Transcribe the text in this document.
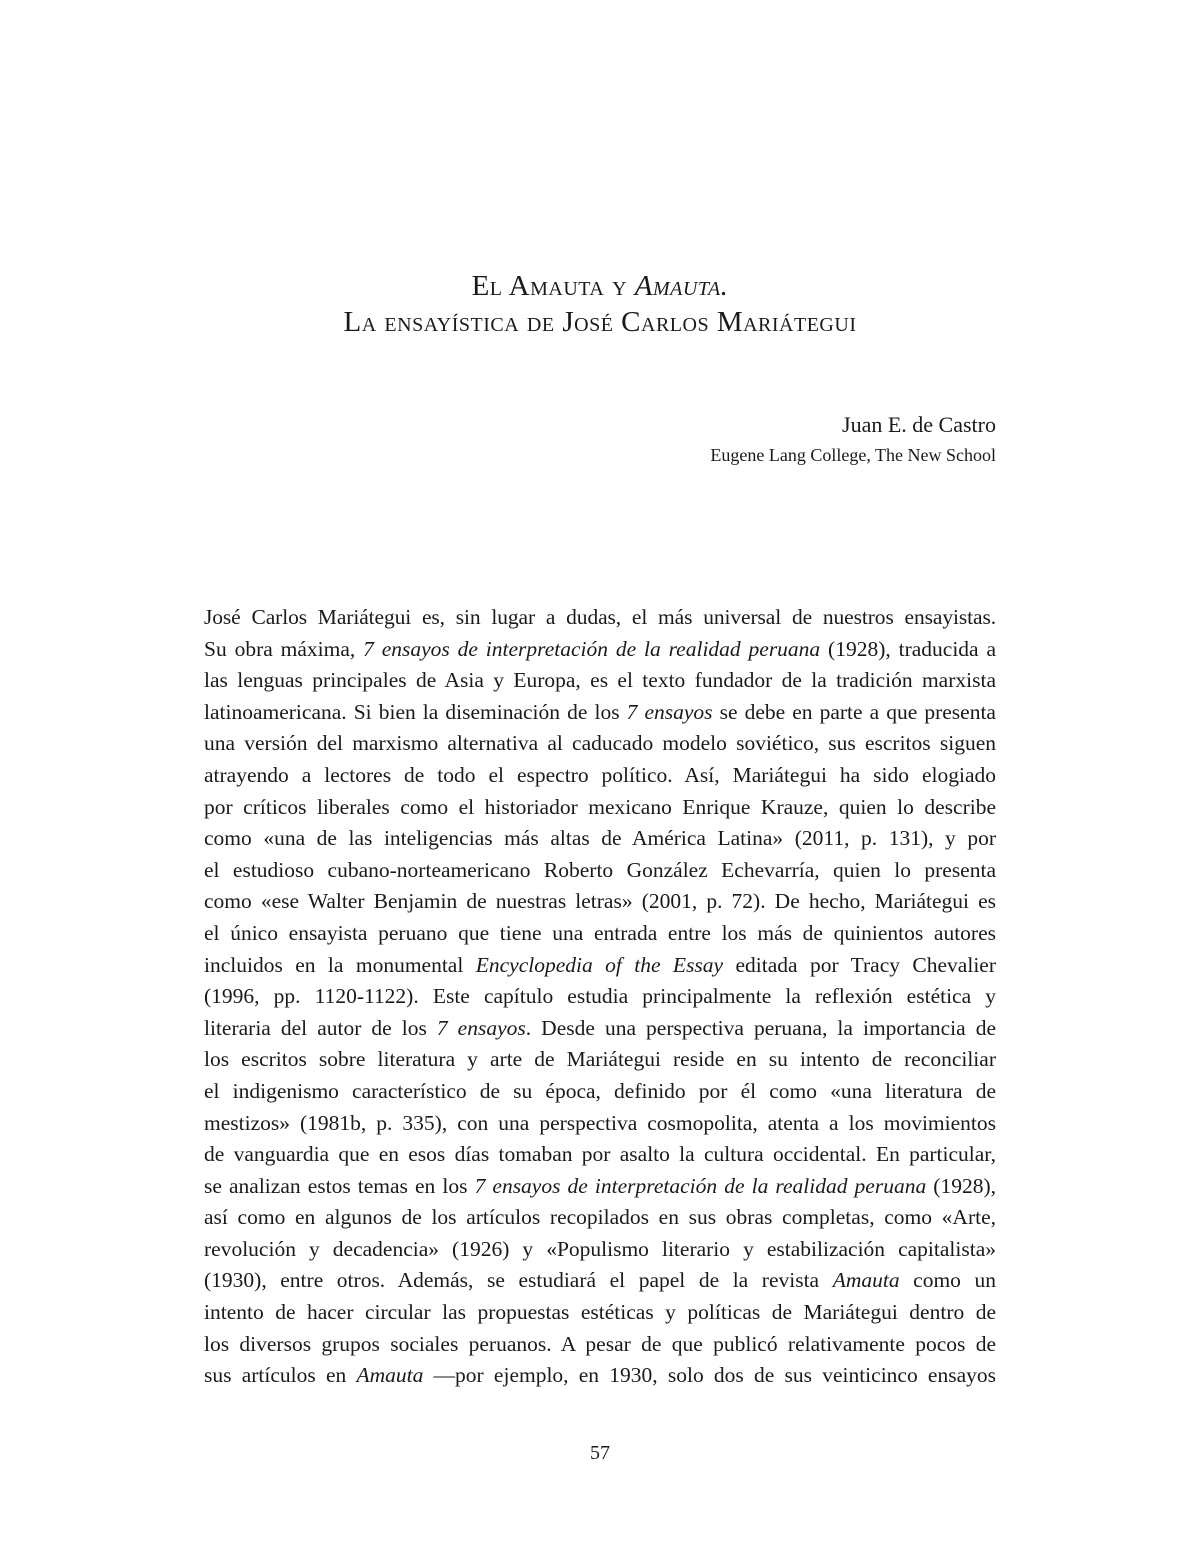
El Amauta y Amauta.
La ensayística de José Carlos Mariátegui
Juan E. de Castro
Eugene Lang College, The New School
José Carlos Mariátegui es, sin lugar a dudas, el más universal de nuestros ensayistas.
Su obra máxima, 7 ensayos de interpretación de la realidad peruana (1928), traducida a
las lenguas principales de Asia y Europa, es el texto fundador de la tradición marxista
latinoamericana. Si bien la diseminación de los 7 ensayos se debe en parte a que presenta
una versión del marxismo alternativa al caducado modelo soviético, sus escritos siguen
atrayendo a lectores de todo el espectro político. Así, Mariátegui ha sido elogiado
por críticos liberales como el historiador mexicano Enrique Krauze, quien lo describe
como «una de las inteligencias más altas de América Latina» (2011, p. 131), y por
el estudioso cubano-norteamericano Roberto González Echevarría, quien lo presenta
como «ese Walter Benjamin de nuestras letras» (2001, p. 72). De hecho, Mariátegui es
el único ensayista peruano que tiene una entrada entre los más de quinientos autores
incluidos en la monumental Encyclopedia of the Essay editada por Tracy Chevalier
(1996, pp. 1120-1122). Este capítulo estudia principalmente la reflexión estética y
literaria del autor de los 7 ensayos. Desde una perspectiva peruana, la importancia de
los escritos sobre literatura y arte de Mariátegui reside en su intento de reconciliar
el indigenismo característico de su época, definido por él como «una literatura de
mestizos» (1981b, p. 335), con una perspectiva cosmopolita, atenta a los movimientos
de vanguardia que en esos días tomaban por asalto la cultura occidental. En particular,
se analizan estos temas en los 7 ensayos de interpretación de la realidad peruana (1928),
así como en algunos de los artículos recopilados en sus obras completas, como «Arte,
revolución y decadencia» (1926) y «Populismo literario y estabilización capitalista»
(1930), entre otros. Además, se estudiará el papel de la revista Amauta como un
intento de hacer circular las propuestas estéticas y políticas de Mariátegui dentro de
los diversos grupos sociales peruanos. A pesar de que publicó relativamente pocos de
sus artículos en Amauta —por ejemplo, en 1930, solo dos de sus veinticinco ensayos
57
